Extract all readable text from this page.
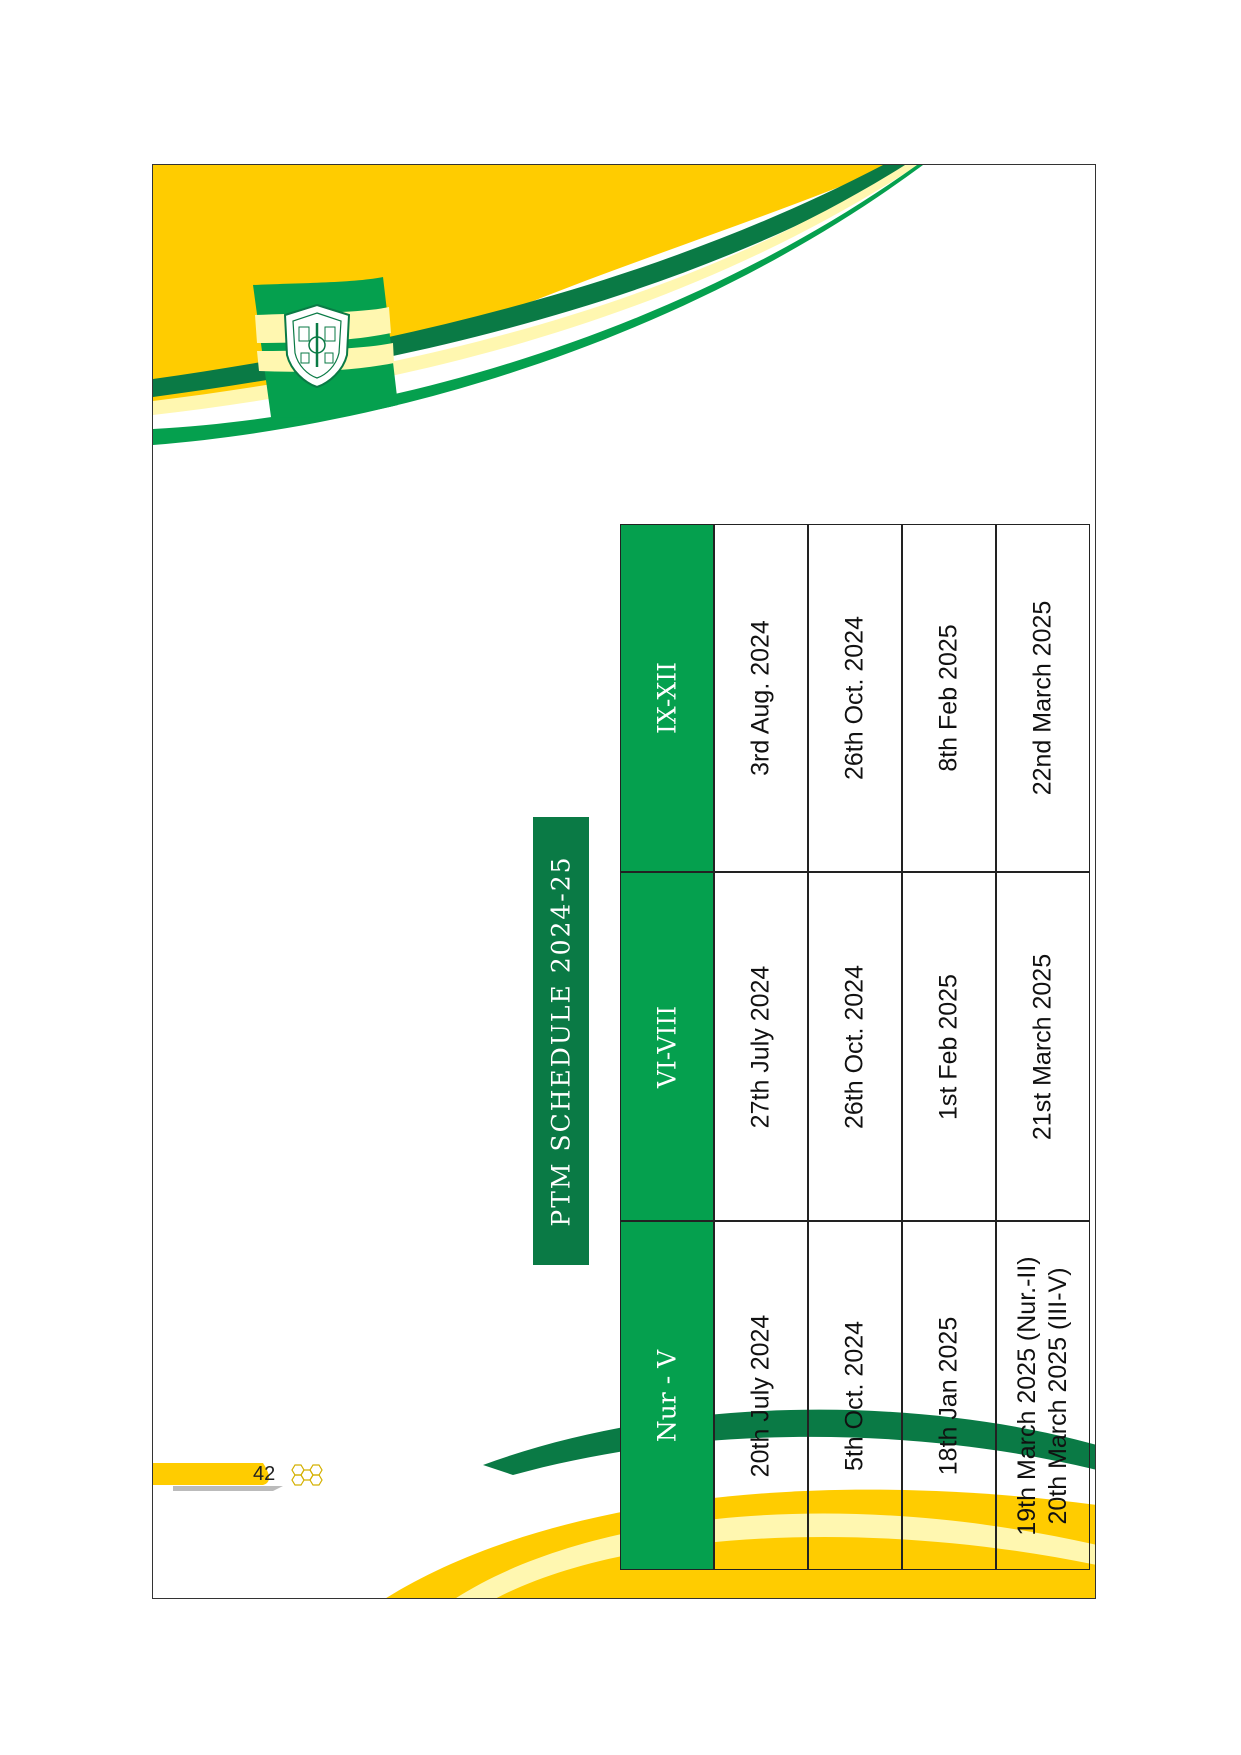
PTM SCHEDULE 2024-25
Nur - V
VI-VIII
IX-XII
20th July 2024
27th July 2024
3rd Aug. 2024
5th Oct. 2024
26th Oct. 2024
26th Oct. 2024
18th Jan 2025
1st Feb 2025
8th Feb 2025
19th March 2025 (Nur.-II) 20th March 2025 (III-V)
21st March 2025
22nd March 2025
42
